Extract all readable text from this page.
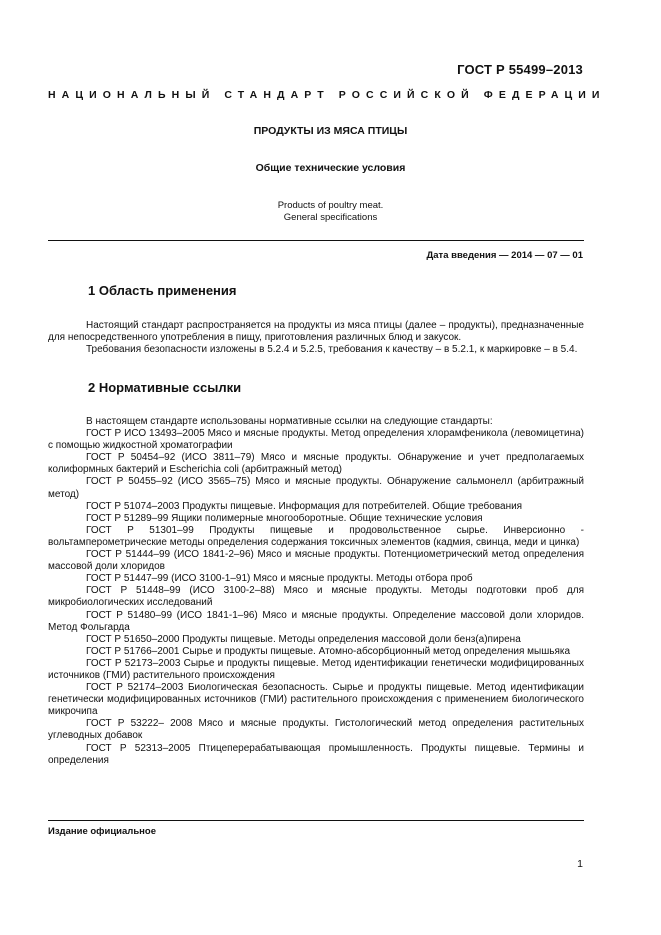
ГОСТ Р 55499–2013
НАЦИОНАЛЬНЫЙ СТАНДАРТ РОССИЙСКОЙ ФЕДЕРАЦИИ
ПРОДУКТЫ ИЗ МЯСА ПТИЦЫ
Общие технические условия
Products of poultry meat.
General specifications
Дата введения — 2014 — 07 — 01
1 Область применения

Настоящий стандарт распространяется на продукты из мяса птицы (далее – продукты), предназначенные для непосредственного употребления в пищу, приготовления различных блюд и закусок.

Требования безопасности изложены в 5.2.4 и 5.2.5, требования к качеству – в 5.2.1, к маркировке – в 5.4.

2 Нормативные ссылки

В настоящем стандарте использованы нормативные ссылки на следующие стандарты:

ГОСТ Р ИСО 13493–2005 Мясо и мясные продукты. Метод определения хлорамфеникола (левомицетина) с помощью жидкостной хроматографии

ГОСТ Р 50454–92 (ИСО 3811–79) Мясо и мясные продукты. Обнаружение и учет предполагаемых колиформных бактерий и Escherichia coli (арбитражный метод)

ГОСТ Р 50455–92 (ИСО 3565–75) Мясо и мясные продукты. Обнаружение сальмонелл (арбитражный метод)

ГОСТ Р 51074–2003 Продукты пищевые. Информация для потребителей. Общие требования

ГОСТ Р 51289–99 Ящики полимерные многооборотные. Общие технические условия

ГОСТ Р 51301–99 Продукты пищевые и продовольственное сырье. Инверсионно - вольтамперометрические методы определения содержания токсичных элементов (кадмия, свинца, меди и цинка)

ГОСТ Р 51444–99 (ИСО 1841-2–96) Мясо и мясные продукты. Потенциометрический метод определения массовой доли хлоридов

ГОСТ Р 51447–99 (ИСО 3100-1–91) Мясо и мясные продукты. Методы отбора проб

ГОСТ Р 51448–99 (ИСО 3100-2–88) Мясо и мясные продукты. Методы подготовки проб для микробиологических исследований

ГОСТ Р 51480–99 (ИСО 1841-1–96) Мясо и мясные продукты. Определение массовой доли хлоридов. Метод Фольгарда

ГОСТ Р 51650–2000 Продукты пищевые. Методы определения массовой доли бенз(а)пирена

ГОСТ Р 51766–2001 Сырье и продукты пищевые. Атомно-абсорбционный метод определения мышьяка

ГОСТ Р 52173–2003 Сырье и продукты пищевые. Метод идентификации генетически модифицированных источников (ГМИ) растительного происхождения

ГОСТ Р 52174–2003 Биологическая безопасность. Сырье и продукты пищевые. Метод идентификации генетически модифицированных источников (ГМИ) растительного происхождения с применением биологического микрочипа

ГОСТ Р 53222– 2008 Мясо и мясные продукты. Гистологический метод определения растительных углеводных добавок

ГОСТ Р 52313–2005 Птицеперерабатывающая промышленность. Продукты пищевые. Термины и определения

Издание официальное
1
